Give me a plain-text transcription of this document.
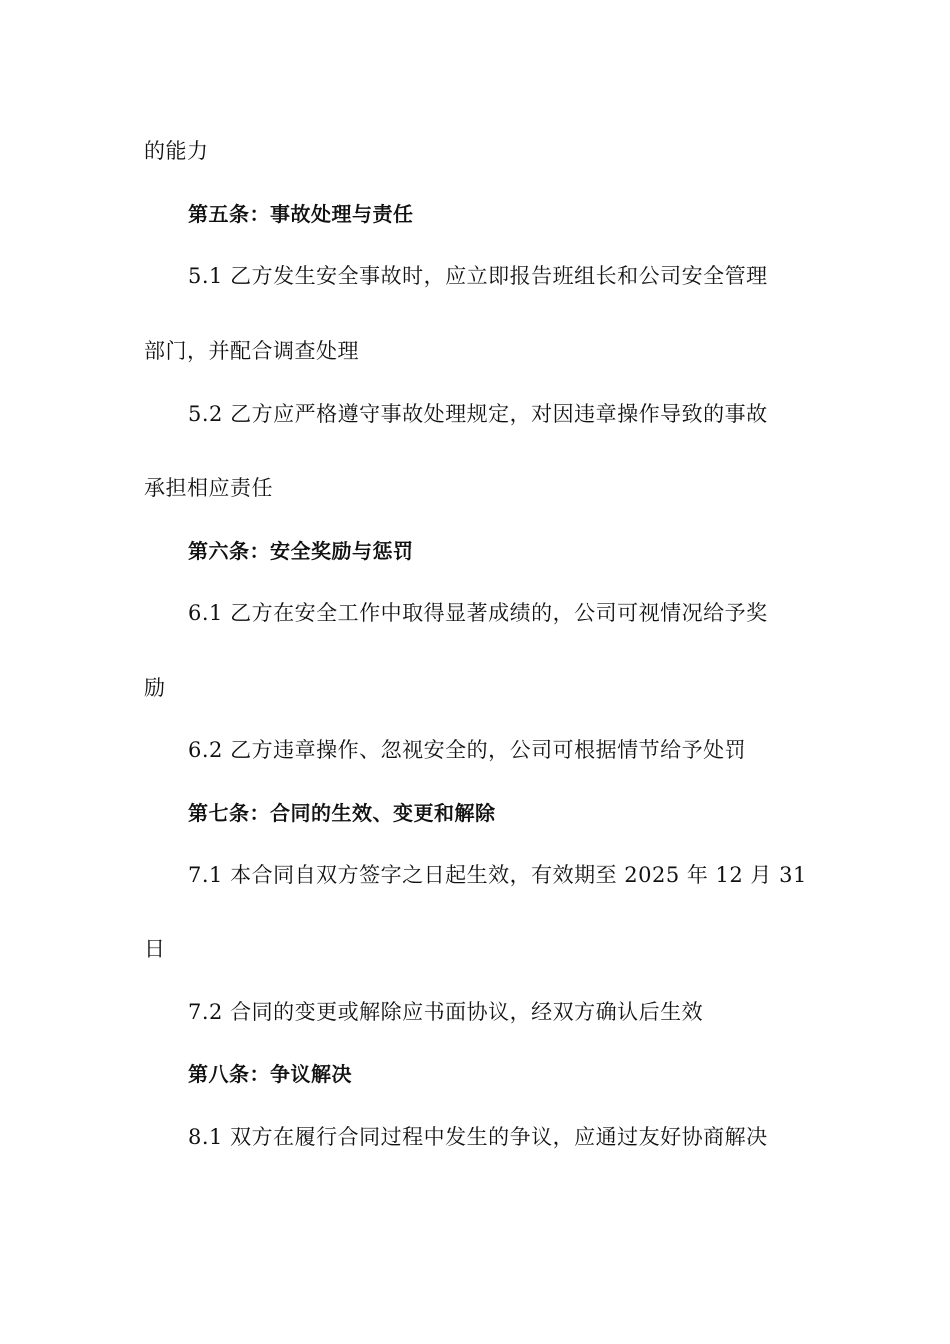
的能力
第五条：事故处理与责任
5.1 乙方发生安全事故时，应立即报告班组长和公司安全管理
部门，并配合调查处理
5.2 乙方应严格遵守事故处理规定，对因违章操作导致的事故
承担相应责任
第六条：安全奖励与惩罚
6.1 乙方在安全工作中取得显著成绩的，公司可视情况给予奖
励
6.2 乙方违章操作、忽视安全的，公司可根据情节给予处罚
第七条：合同的生效、变更和解除
7.1 本合同自双方签字之日起生效，有效期至 2025 年 12 月 31
日
7.2 合同的变更或解除应书面协议，经双方确认后生效
第八条：争议解决
8.1 双方在履行合同过程中发生的争议，应通过友好协商解决
